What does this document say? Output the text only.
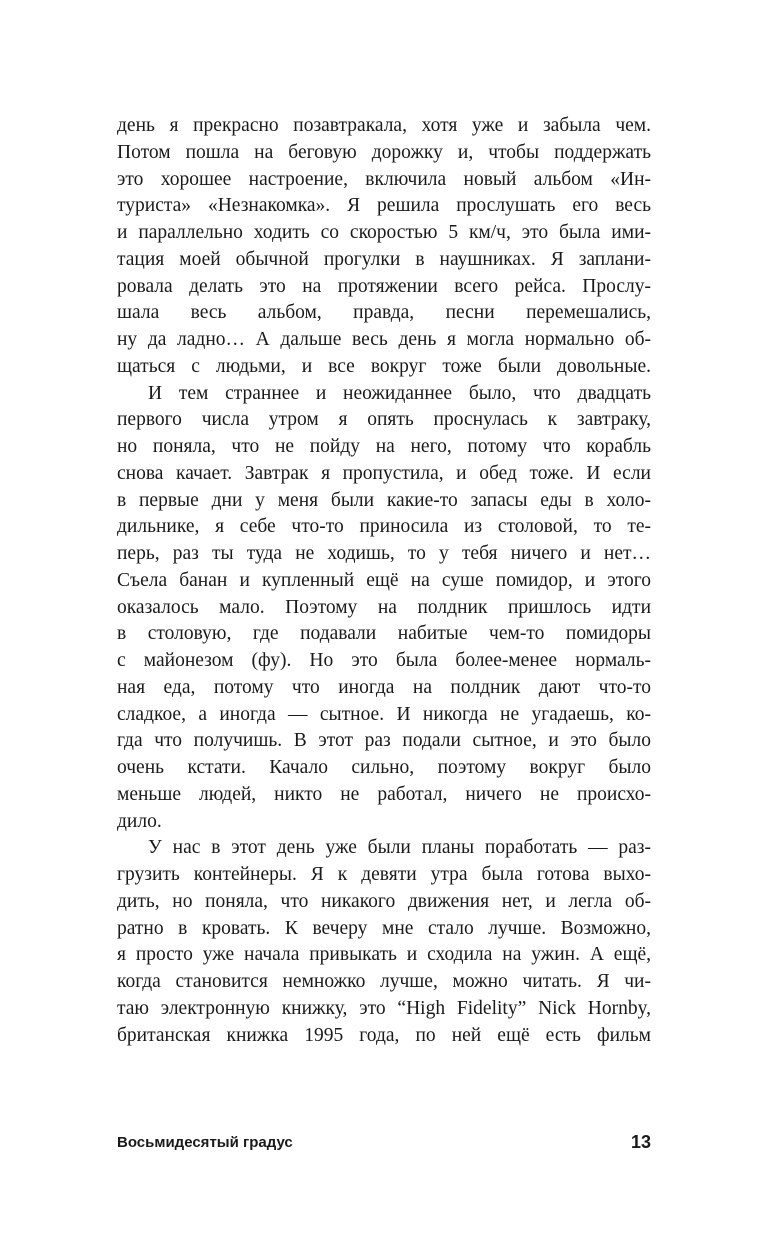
день я прекрасно позавтракала, хотя уже и забыла чем.
Потом пошла на беговую дорожку и, чтобы поддержать
это хорошее настроение, включила новый альбом «Ин-
туриста» «Незнакомка». Я решила прослушать его весь
и параллельно ходить со скоростью 5 км/ч, это была ими-
тация моей обычной прогулки в наушниках. Я заплани-
ровала делать это на протяжении всего рейса. Прослу-
шала весь альбом, правда, песни перемешались,
ну да ладно… А дальше весь день я могла нормально об-
щаться с людьми, и все вокруг тоже были довольные.
И тем страннее и неожиданнее было, что двадцать
первого числа утром я опять проснулась к завтраку,
но поняла, что не пойду на него, потому что корабль
снова качает. Завтрак я пропустила, и обед тоже. И если
в первые дни у меня были какие-то запасы еды в холо-
дильнике, я себе что-то приносила из столовой, то те-
перь, раз ты туда не ходишь, то у тебя ничего и нет…
Съела банан и купленный ещё на суше помидор, и этого
оказалось мало. Поэтому на полдник пришлось идти
в столовую, где подавали набитые чем-то помидоры
с майонезом (фу). Но это была более-менее нормаль-
ная еда, потому что иногда на полдник дают что-то
сладкое, а иногда — сытное. И никогда не угадаешь, ко-
гда что получишь. В этот раз подали сытное, и это было
очень кстати. Качало сильно, поэтому вокруг было
меньше людей, никто не работал, ничего не происхо-
дило.
У нас в этот день уже были планы поработать — раз-
грузить контейнеры. Я к девяти утра была готова выхо-
дить, но поняла, что никакого движения нет, и легла об-
ратно в кровать. К вечеру мне стало лучше. Возможно,
я просто уже начала привыкать и сходила на ужин. А ещё,
когда становится немножко лучше, можно читать. Я чи-
таю электронную книжку, это “High Fidelity” Nick Hornby,
британская книжка 1995 года, по ней ещё есть фильм
Восьмидесятый градус	13
